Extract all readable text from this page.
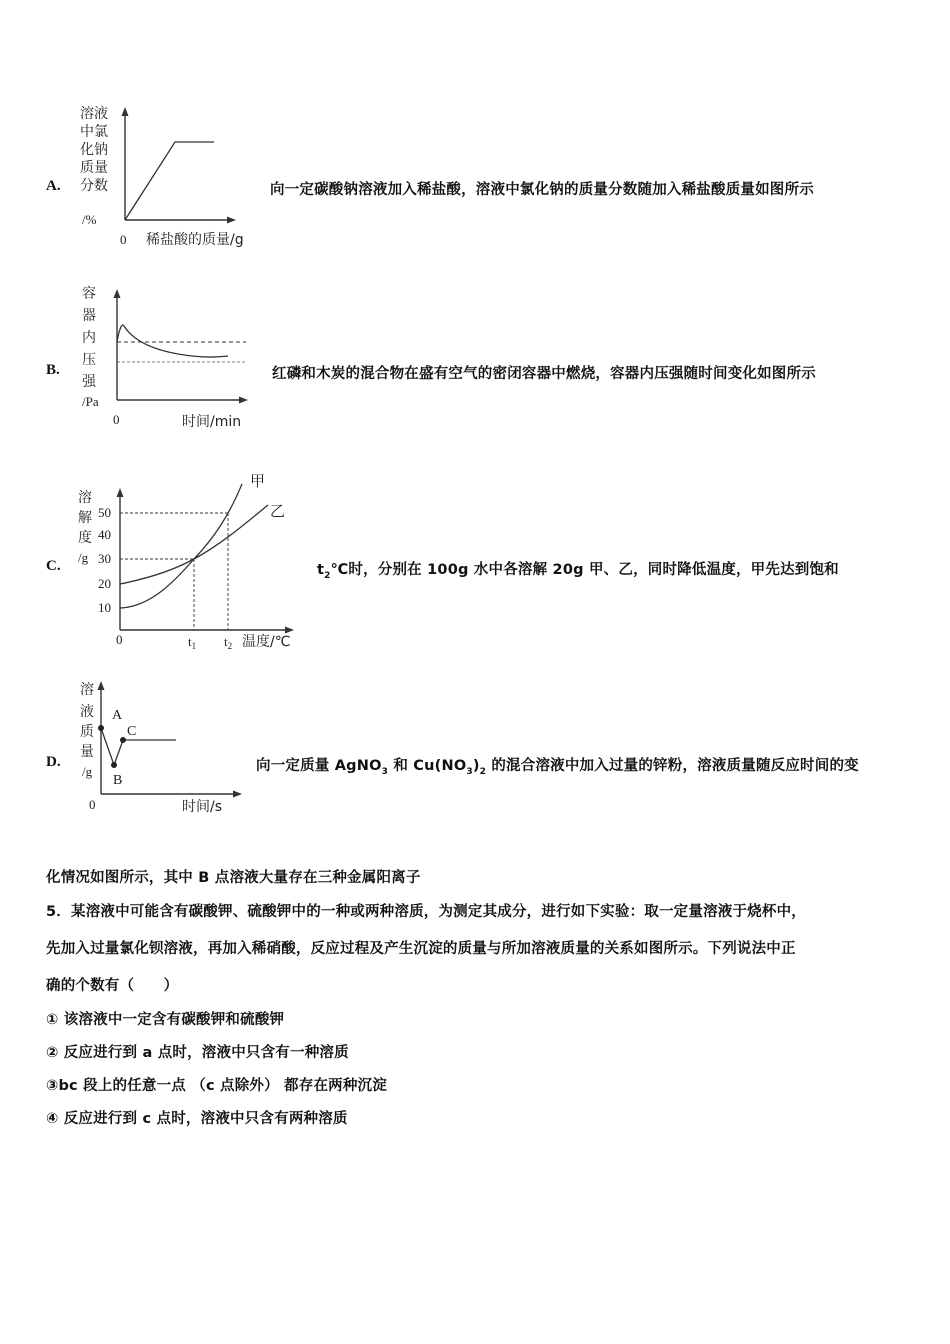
A.
溶液
中氯
化钠
质量
分数
/%
0 稀盐酸的质量/g
向一定碳酸钠溶液加入稀盐酸，溶液中氯化钠的质量分数随加入稀盐酸质量如图所示
B.
容
器
内
压
强
/Pa
0	时间/min
红磷和木炭的混合物在盛有空气的密闭容器中燃烧，容器内压强随时间变化如图所示
C.
溶
解
度
/g
50
40
30
20
10
甲
乙
0	$t_1$ $t_2$ 温度/℃
$t_2℃$时，分别在 100g 水中各溶解 20g 甲、乙，同时降低温度，甲先达到饱和
D.
溶
液
质
量
/g
A
B
C
0	时间/s
向一定质量 AgNO$_3$ 和 $Cu(NO_3)_2$ 的混合溶液中加入过量的锌粉，溶液质量随反应时间的变
化情况如图所示，其中 B 点溶液大量存在三种金属阳离子
5．某溶液中可能含有碳酸钾、硫酸钾中的一种或两种溶质，为测定其成分，进行如下实验：取一定量溶液于烧杯中，
先加入过量氯化钡溶液，再加入稀硝酸，反应过程及产生沉淀的质量与所加溶液质量的关系如图所示。下列说法中正
确的个数有（　　）
① 该溶液中一定含有碳酸钾和硫酸钾
② 反应进行到 a 点时，溶液中只含有一种溶质
③bc 段上的任意一点 （c 点除外） 都存在两种沉淀
④ 反应进行到 c 点时，溶液中只含有两种溶质
